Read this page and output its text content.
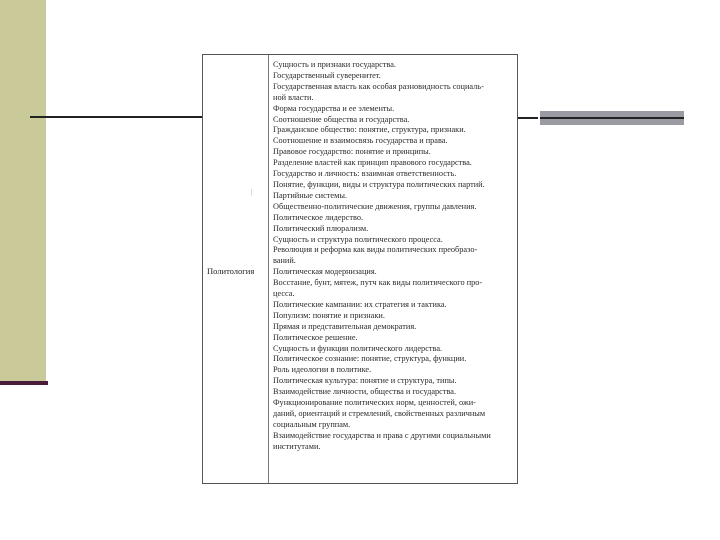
|
Политология
Сущность и признаки государства.
Государственный суверенитет.
Государственная власть как особая разновидность социаль-
ной власти.
Форма государства и ее элементы.
Соотношение общества и государства.
Гражданское общество: понятие, структура, признаки.
Соотношение и взаимосвязь государства и права.
Правовое государство: понятие и принципы.
Разделение властей как принцип правового государства.
Государство и личность: взаимная ответственность.
Понятие, функции, виды и структура политических партий.
Партийные системы.
Общественно-политические движения, группы давления.
Политическое лидерство.
Политический плюрализм.
Сущность и структура политического процесса.
Революция и реформа как виды политических преобразо-
ваний.
Политическая модернизация.
Восстание, бунт, мятеж, путч как виды политического про-
цесса.
Политические кампании: их стратегия и тактика.
Популизм: понятие и признаки.
Прямая и представительная демократия.
Политическое решение.
Сущность и функции политического лидерства.
Политическое сознание: понятие, структура, функции.
Роль идеологии в политике.
Политическая культура: понятие и структура, типы.
Взаимодействие личности, общества и государства.
Функционирование политических норм, ценностей, ожи-
даний, ориентаций и стремлений, свойственных различным
социальным группам.
Взаимодействие государства и права с другими социальными
институтами.
